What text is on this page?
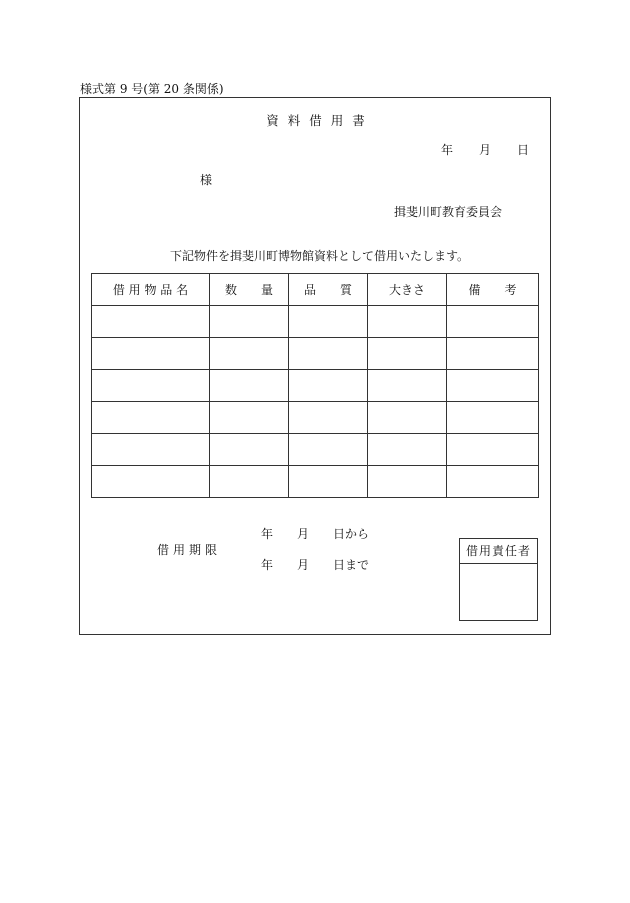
様式第 9 号(第 20 条関係)
資料借用書
年 月 日
様
揖斐川町教育委員会
下記物件を揖斐川町博物館資料として借用いたします。
借 用 物 品 名	数　　量	品　　質	大きさ	備　　考

借用期限
年 月 日から
年 月 日まで
借用責任者
